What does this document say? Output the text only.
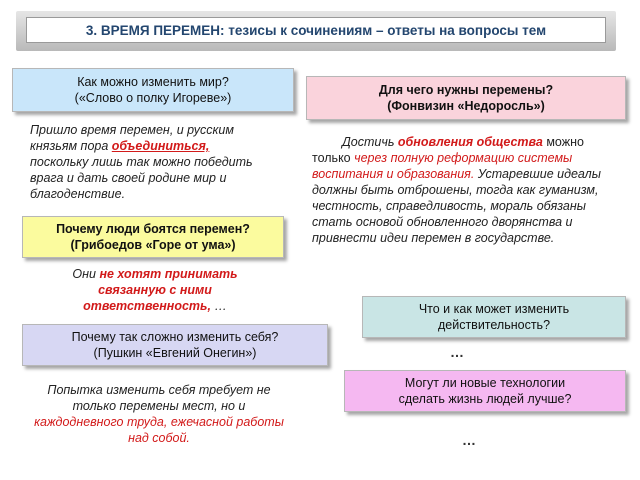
3. ВРЕМЯ ПЕРЕМЕН: тезисы к сочинениям – ответы на вопросы тем
Как можно изменить мир?
(«Слово о полку Игореве»)
Пришло время перемен, и русским князьям пора объединиться, поскольку лишь так можно победить врага и дать своей родине мир и благоденствие.
Для чего нужны перемены?
(Фонвизин «Недоросль»)
Достичь обновления общества можно только через полную реформацию системы воспитания и образования. Устаревшие идеалы должны быть отброшены, тогда как гуманизм, честность, справедливость, мораль обязаны стать основой обновленного дворянства и привнести идеи перемен в государстве.
Почему люди боятся перемен?
(Грибоедов «Горе от ума»)
Они не хотят принимать связанную с ними ответственность, …	Что и как может изменить
действительность?
Почему так сложно изменить себя?
(Пушкин «Евгений Онегин»)	…
Могут ли новые технологии
сделать жизнь людей лучше?
Попытка изменить себя требует не только перемены мест, но и каждодневного труда, ежечасной работы над собой.	…
